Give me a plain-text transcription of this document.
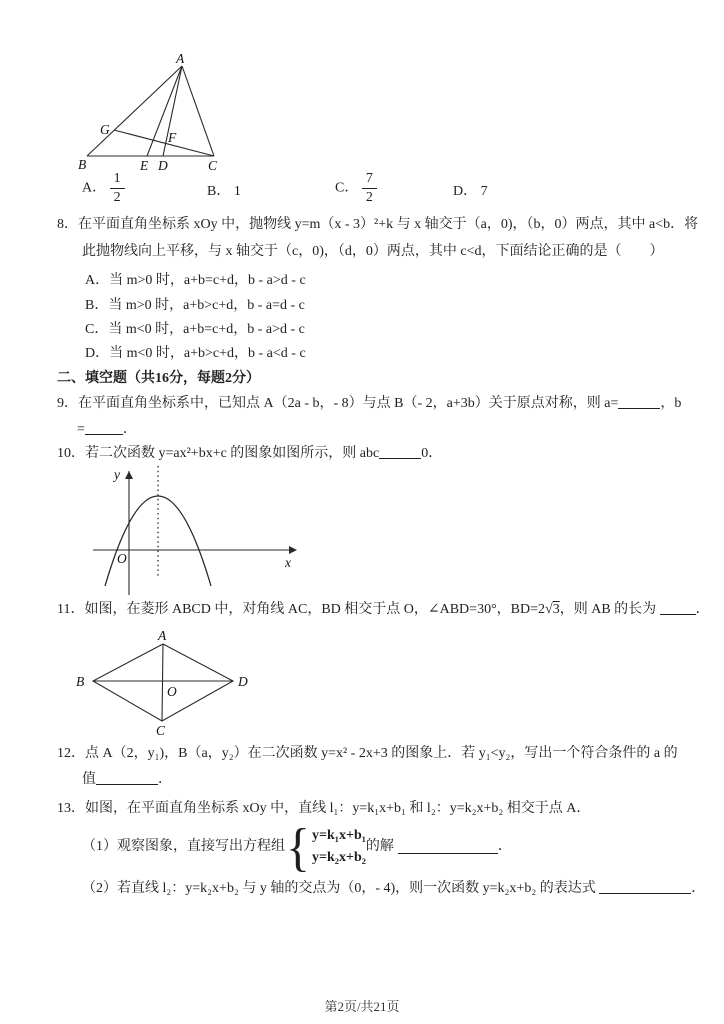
A
B	C
D
E
F
G
A． $\frac{1}{2}$	B． 1	C． $\frac{7}{2}$	D． 7
8．在平面直角坐标系 xOy 中，抛物线 y=m（x - 3）²+k 与 x 轴交于（a，0)，（b，0）两点，其中 a<b．将
此抛物线向上平移，与 x 轴交于（c，0)，（d，0）两点，其中 c<d，下面结论正确的是（　　）
A．当 m>0 时，a+b=c+d，b - a>d - c
B．当 m>0 时，a+b>c+d，b - a=d - c
C．当 m<0 时，a+b=c+d，b - a>d - c
D．当 m<0 时，a+b>c+d，b - a<d - c
二、填空题（共16分，每题2分）
9．在平面直角坐标系中，已知点 A（2a - b，- 8）与点 B（- 2，a+3b）关于原点对称，则 a=	，b
=	．
10．若二次函数 y=ax²+bx+c 的图象如图所示，则 abc	0．
y
x
O
11．如图，在菱形 ABCD 中，对角线 AC，BD 相交于点 O，∠ABD=30°，BD=2√3，则 AB 的长为	．
A
B
C
D
O
12．点 A（2，y₁)，B（a，y₂）在二次函数 y=x² - 2x+3 的图象上．若 y₁<y₂，写出一个符合条件的 a 的
值	．
13．如图，在平面直角坐标系 xOy 中，直线 l₁：y=k₁x+b₁ 和 l₂：y=k₂x+b₂ 相交于点 A．
（1）观察图象，直接写出方程组 { y=k₁x+b₁
y=k₂x+b₂
的解	．
（2）若直线 l₂：y=k₂x+b₂ 与 y 轴的交点为（0，- 4)，则一次函数 y=k₂x+b₂ 的表达式	．
第2页/共21页
